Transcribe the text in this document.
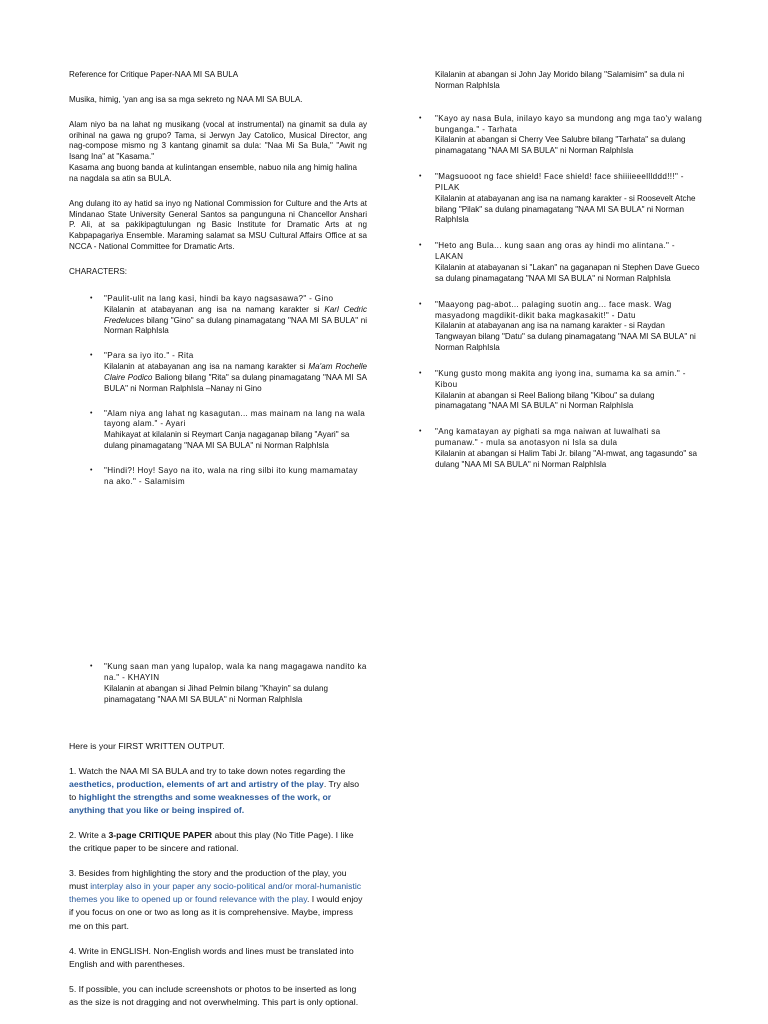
Reference for Critique Paper-NAA MI SA BULA

Musika, himig, 'yan ang isa sa mga sekreto ng NAA MI SA BULA.

Alam niyo ba na lahat ng musikang (vocal at instrumental) na ginamit sa dula ay orihinal na gawa ng grupo? Tama, si Jerwyn Jay Catolico, Musical Director, ang nag-compose mismo ng 3 kantang ginamit sa dula: "Naa Mi Sa Bula," "Awit ng Isang Ina" at "Kasama."

Kasama ang buong banda at kulintangan ensemble, nabuo nila ang himig halina na nagdala sa atin sa BULA.

Ang dulang ito ay hatid sa inyo ng National Commission for Culture and the Arts at Mindanao State University General Santos sa pangunguna ni Chancellor Anshari P. Ali, at sa pakikipagtulungan ng Basic Institute for Dramatic Arts at ng Kabpapagariya Ensemble. Maraming salamat sa MSU Cultural Affairs Office at sa NCCA - National Committee for Dramatic Arts.

CHARACTERS:

• "Paulit-ulit na lang kasi, hindi ba kayo nagsasawa?" - Gino

Kilalanin at atabayanan ang isa na namang karakter si Karl Cedric Fredeluces bilang "Gino" sa dulang pinamagatang "NAA MI SA BULA" ni Norman RalphIsla

• "Para sa iyo ito." - Rita

Kilalanin at atabayanan ang isa na namang karakter si Ma'am Rochelle Claire Podico Baliong bilang "Rita" sa dulang pinamagatang "NAA MI SA BULA" ni Norman RalphIsla –Nanay ni Gino

• "Alam niya ang lahat ng kasagutan... mas mainam na lang na wala tayong alam." - Ayari

Mahikayat at kilalanin si Reymart Canja nagaganap bilang "Ayari" sa dulang pinamagatang "NAA MI SA BULA" ni Norman RalphIsla

• "Hindi?! Hoy! Sayo na ito, wala na ring silbi ito kung mamamatay na ako." - Salamisim

Kilalanin at abangan si John Jay Morido bilang "Salamisim" sa dula ni Norman RalphIsla

• "Kayo ay nasa Bula, inilayo kayo sa mundong ang mga tao'y walang bunganga." - Tarhata

Kilalanin at abangan si Cherry Vee Salubre bilang "Tarhata" sa dulang pinamagatang "NAA MI SA BULA" ni Norman RalphIsla

• "Magsuooot ng face shield! Face shield! face shiiiieeelllddd!!!" - PILAK

Kilalanin at atabayanan ang isa na namang karakter - si Roosevelt Atche bilang "Pilak" sa dulang pinamagatang "NAA MI SA BULA" ni Norman RalphIsla

• "Heto ang Bula... kung saan ang oras ay hindi mo alintana." - LAKAN

Kilalanin at atabayanan si "Lakan" na gaganapan ni Stephen Dave Gueco sa dulang pinamagatang "NAA MI SA BULA" ni Norman RalphIsla

• "Maayong pag-abot... palaging suotin ang... face mask. Wag masyadong magdikit-dikit baka magkasakit!" - Datu

Kilalanin at atabayanan ang isa na namang karakter - si Raydan Tangwayan bilang "Datu" sa dulang pinamagatang "NAA MI SA BULA" ni Norman RalphIsla

• "Kung gusto mong makita ang iyong ina, sumama ka sa amin." - Kibou

Kilalanin at abangan si Reel Baliong bilang "Kibou" sa dulang pinamagatang "NAA MI SA BULA" ni Norman RalphIsla

• "Ang kamatayan ay pighati sa mga naiwan at luwalhati sa pumanaw." - mula sa anotasyon ni Isla sa dula

Kilalanin at abangan si Halim Tabi Jr. bilang "Al-mwat, ang tagasundo" sa dulang "NAA MI SA BULA" ni Norman RalphIsla

• "Kung saan man yang lupalop, wala ka nang magagawa nandito ka na." - KHAYIN

Kilalanin at abangan si Jihad Pelmin bilang "Khayin" sa dulang pinamagatang "NAA MI SA BULA" ni Norman RalphIsla

Here is your FIRST WRITTEN OUTPUT.

1. Watch the NAA MI SA BULA and try to take down notes regarding the aesthetics, production, elements of art and artistry of the play. Try also to highlight the strengths and some weaknesses of the work, or anything that you like or being inspired of.

2. Write a 3-page CRITIQUE PAPER about this play (No Title Page). I like the critique paper to be sincere and rational.

3. Besides from highlighting the story and the production of the play, you must interplay also in your paper any socio-political and/or moral-humanistic themes you like to opened up or found relevance with the play. I would enjoy if you focus on one or two as long as it is comprehensive. Maybe, impress me on this part.

4. Write in ENGLISH. Non-English words and lines must be translated into English and with parentheses.

5. If possible, you can include screenshots or photos to be inserted as long as the size is not dragging and not overwhelming. This part is only optional.
